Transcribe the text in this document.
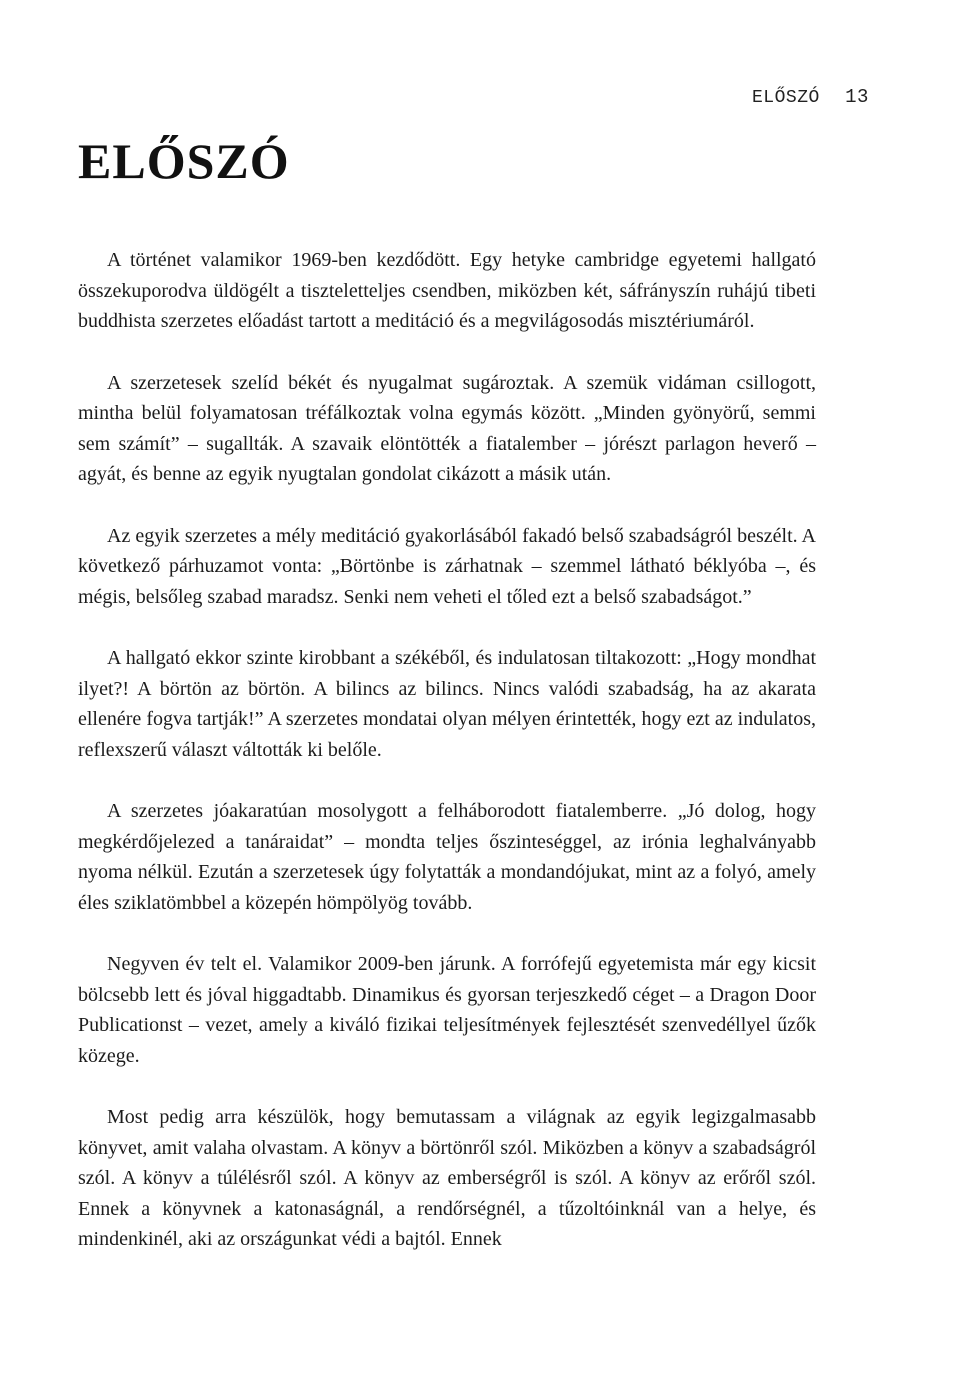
ELŐSZÓ 13
ELŐSZÓ

A történet valamikor 1969-ben kezdődött. Egy hetyke cambridge egyetemi hallgató összekuporodva üldögélt a tiszteletteljes csendben, miközben két, sáfrányszín ruhájú tibeti buddhista szerzetes előadást tartott a meditáció és a megvilágosodás misztériumáról.

A szerzetesek szelíd békét és nyugalmat sugároztak. A szemük vidáman csillogott, mintha belül folyamatosan tréfálkoztak volna egymás között. „Minden gyönyörű, semmi sem számít” – sugallták. A szavaik elöntötték a fiatalember – jórészt parlagon heverő – agyát, és benne az egyik nyugtalan gondolat cikázott a másik után.

Az egyik szerzetes a mély meditáció gyakorlásából fakadó belső szabadságról beszélt. A következő párhuzamot vonta: „Börtönbe is zárhatnak – szemmel látható béklyóba –, és mégis, belsőleg szabad maradsz. Senki nem veheti el tőled ezt a belső szabadságot.”

A hallgató ekkor szinte kirobbant a székéből, és indulatosan tiltakozott: „Hogy mondhat ilyet?! A börtön az börtön. A bilincs az bilincs. Nincs valódi szabadság, ha az akarata ellenére fogva tartják!” A szerzetes mondatai olyan mélyen érintették, hogy ezt az indulatos, reflexszerű választ váltották ki belőle.

A szerzetes jóakaratúan mosolygott a felháborodott fiatalemberre. „Jó dolog, hogy megkérdőjelezed a tanáraidat” – mondta teljes őszinteséggel, az irónia leghalványabb nyoma nélkül. Ezután a szerzetesek úgy folytatták a mondandójukat, mint az a folyó, amely éles sziklatömbbel a közepén hömpölyög tovább.

Negyven év telt el. Valamikor 2009-ben járunk. A forrófejű egyetemista már egy kicsit bölcsebb lett és jóval higgadtabb. Dinamikus és gyorsan terjeszkedő céget – a Dragon Door Publicationst – vezet, amely a kiváló fizikai teljesítmények fejlesztését szenvedéllyel űzők közege.

Most pedig arra készülök, hogy bemutassam a világnak az egyik legizgalmasabb könyvet, amit valaha olvastam. A könyv a börtönről szól. Miközben a könyv a szabadságról szól. A könyv a túlélésről szól. A könyv az emberségről is szól. A könyv az erőről szól. Ennek a könyvnek a katonaságnál, a rendőrségnél, a tűzoltóinknál van a helye, és mindenkinél, aki az országunkat védi a bajtól. Ennek
